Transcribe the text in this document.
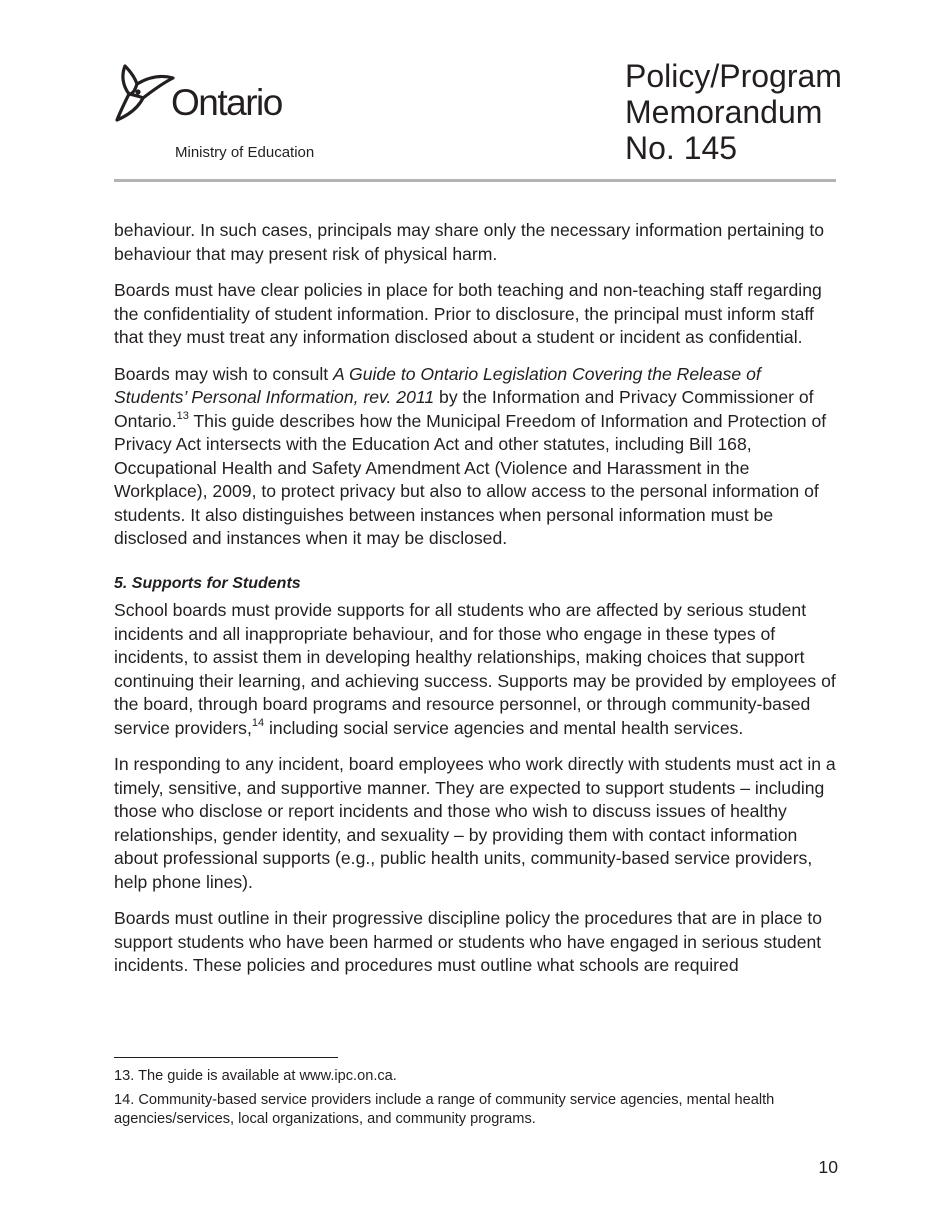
Ontario
Ministry of Education
Policy/Program
Memorandum
No. 145

behaviour. In such cases, principals may share only the necessary information pertaining to behaviour that may present risk of physical harm.

Boards must have clear policies in place for both teaching and non-teaching staff regarding the confidentiality of student information. Prior to disclosure, the principal must inform staff that they must treat any information disclosed about a student or incident as confidential.

Boards may wish to consult A Guide to Ontario Legislation Covering the Release of Students’ Personal Information, rev. 2011 by the Information and Privacy Commissioner of Ontario.$^{13}$ This guide describes how the Municipal Freedom of Information and Protection of Privacy Act intersects with the Education Act and other statutes, including Bill 168, Occupational Health and Safety Amendment Act (Violence and Harassment in the Workplace), 2009, to protect privacy but also to allow access to the personal information of students. It also distinguishes between instances when personal information must be disclosed and instances when it may be disclosed.

5. Supports for Students

School boards must provide supports for all students who are affected by serious student incidents and all inappropriate behaviour, and for those who engage in these types of incidents, to assist them in developing healthy relationships, making choices that support continuing their learning, and achieving success. Supports may be provided by employees of the board, through board programs and resource personnel, or through community-based service providers,$^{14}$ including social service agencies and mental health services.

In responding to any incident, board employees who work directly with students must act in a timely, sensitive, and supportive manner. They are expected to support students – including those who disclose or report incidents and those who wish to discuss issues of healthy relationships, gender identity, and sexuality – by providing them with contact information about professional supports (e.g., public health units, community-based service providers, help phone lines).

Boards must outline in their progressive discipline policy the procedures that are in place to support students who have been harmed or students who have engaged in serious student incidents. These policies and procedures must outline what schools are required

13. The guide is available at www.ipc.on.ca.

14. Community-based service providers include a range of community service agencies, mental health agencies/services, local organizations, and community programs.

10
